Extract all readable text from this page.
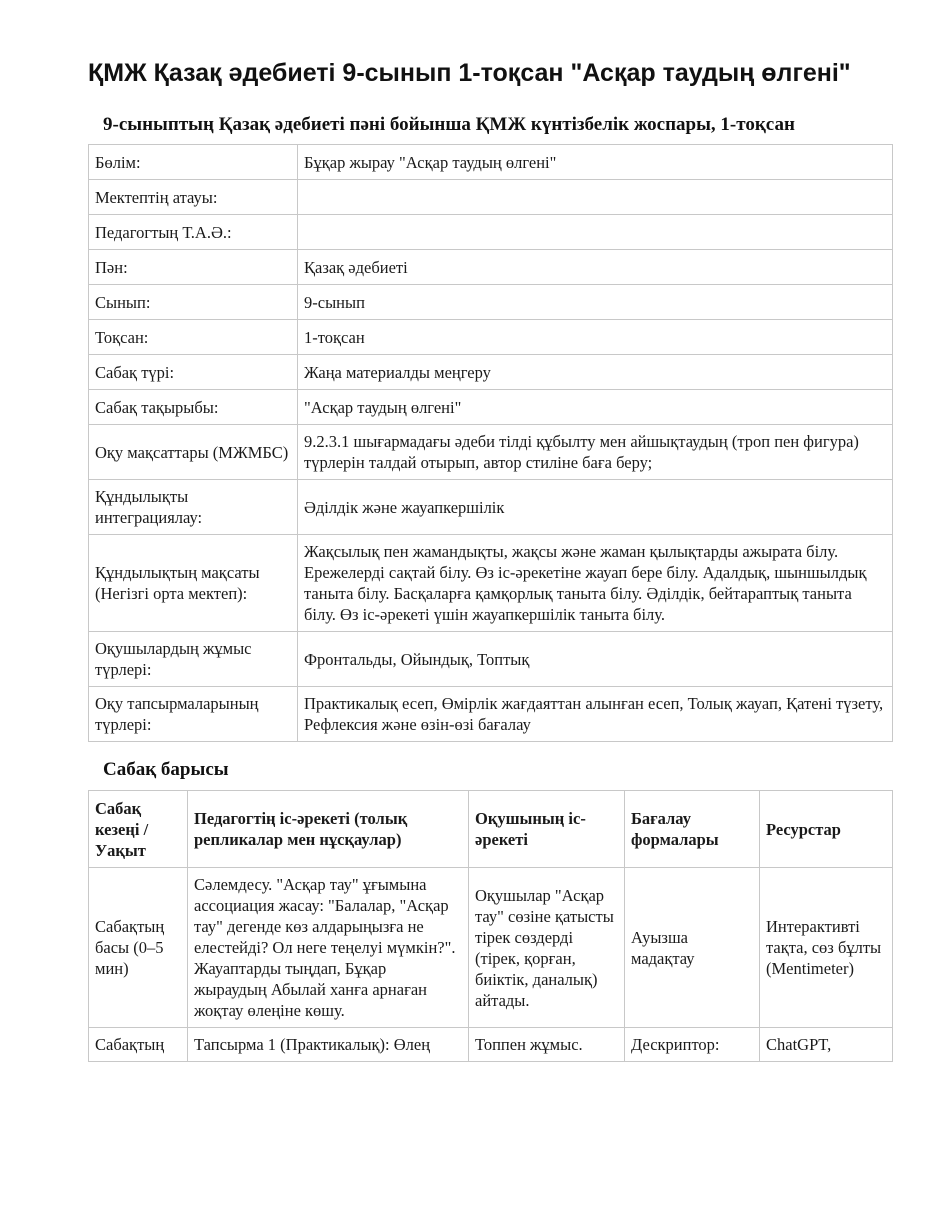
ҚМЖ Қазақ әдебиеті 9-сынып 1-тоқсан "Асқар таудың өлгені"
9-сыныптың Қазақ әдебиеті пәні бойынша ҚМЖ күнтізбелік жоспары, 1-тоқсан
Бөлім:	Бұқар жырау "Асқар таудың өлгені"
Мектептің атауы:	
Педагогтың Т.А.Ә.:	
Пән:	Қазақ әдебиеті
Сынып:	9-сынып
Тоқсан:	1-тоқсан
Сабақ түрі:	Жаңа материалды меңгеру
Сабақ тақырыбы:	"Асқар таудың өлгені"
Оқу мақсаттары (МЖМБС)	9.2.3.1 шығармадағы әдеби тілді құбылту мен айшықтаудың (троп пен фигура) түрлерін талдай отырып, автор стиліне баға беру;
Құндылықты интеграциялау:	Әділдік және жауапкершілік
Құндылықтың мақсаты (Негізгі орта мектеп):	Жақсылық пен жамандықты, жақсы және жаман қылықтарды ажырата білу. Ережелерді сақтай білу. Өз іс-әрекетіне жауап бере білу. Адалдық, шыншылдық таныта білу. Басқаларға қамқорлық таныта білу. Әділдік, бейтараптық таныта білу. Өз іс-әрекеті үшін жауапкершілік таныта білу.
Оқушылардың жұмыс түрлері:	Фронтальды, Ойындық, Топтық
Оқу тапсырмаларының түрлері:	Практикалық есеп, Өмірлік жағдаяттан алынған есеп, Толық жауап, Қатені түзету, Рефлексия және өзін-өзі бағалау
Сабақ барысы
Сабақ кезеңі / Уақыт	Педагогтің іс-әрекеті (толық репликалар мен нұсқаулар)	Оқушының іс-әрекеті	Бағалау формалары	Ресурстар
Сабақтың басы (0–5 мин)	Сәлемдесу. "Асқар тау" ұғымына ассоциация жасау: "Балалар, "Асқар тау" дегенде көз алдарыңызға не елестейді? Ол неге теңелуі мүмкін?". Жауаптарды тыңдап, Бұқар жыраудың Абылай ханға арнаған жоқтау өлеңіне көшу.	Оқушылар "Асқар тау" сөзіне қатысты тірек сөздерді (тірек, қорған, биіктік, даналық) айтады.	Ауызша мадақтау	Интерактивті тақта, сөз бұлты (Mentimeter)
Сабақтың	Тапсырма 1 (Практикалық): Өлең	Топпен жұмыс.	Дескриптор:	ChatGPT,
